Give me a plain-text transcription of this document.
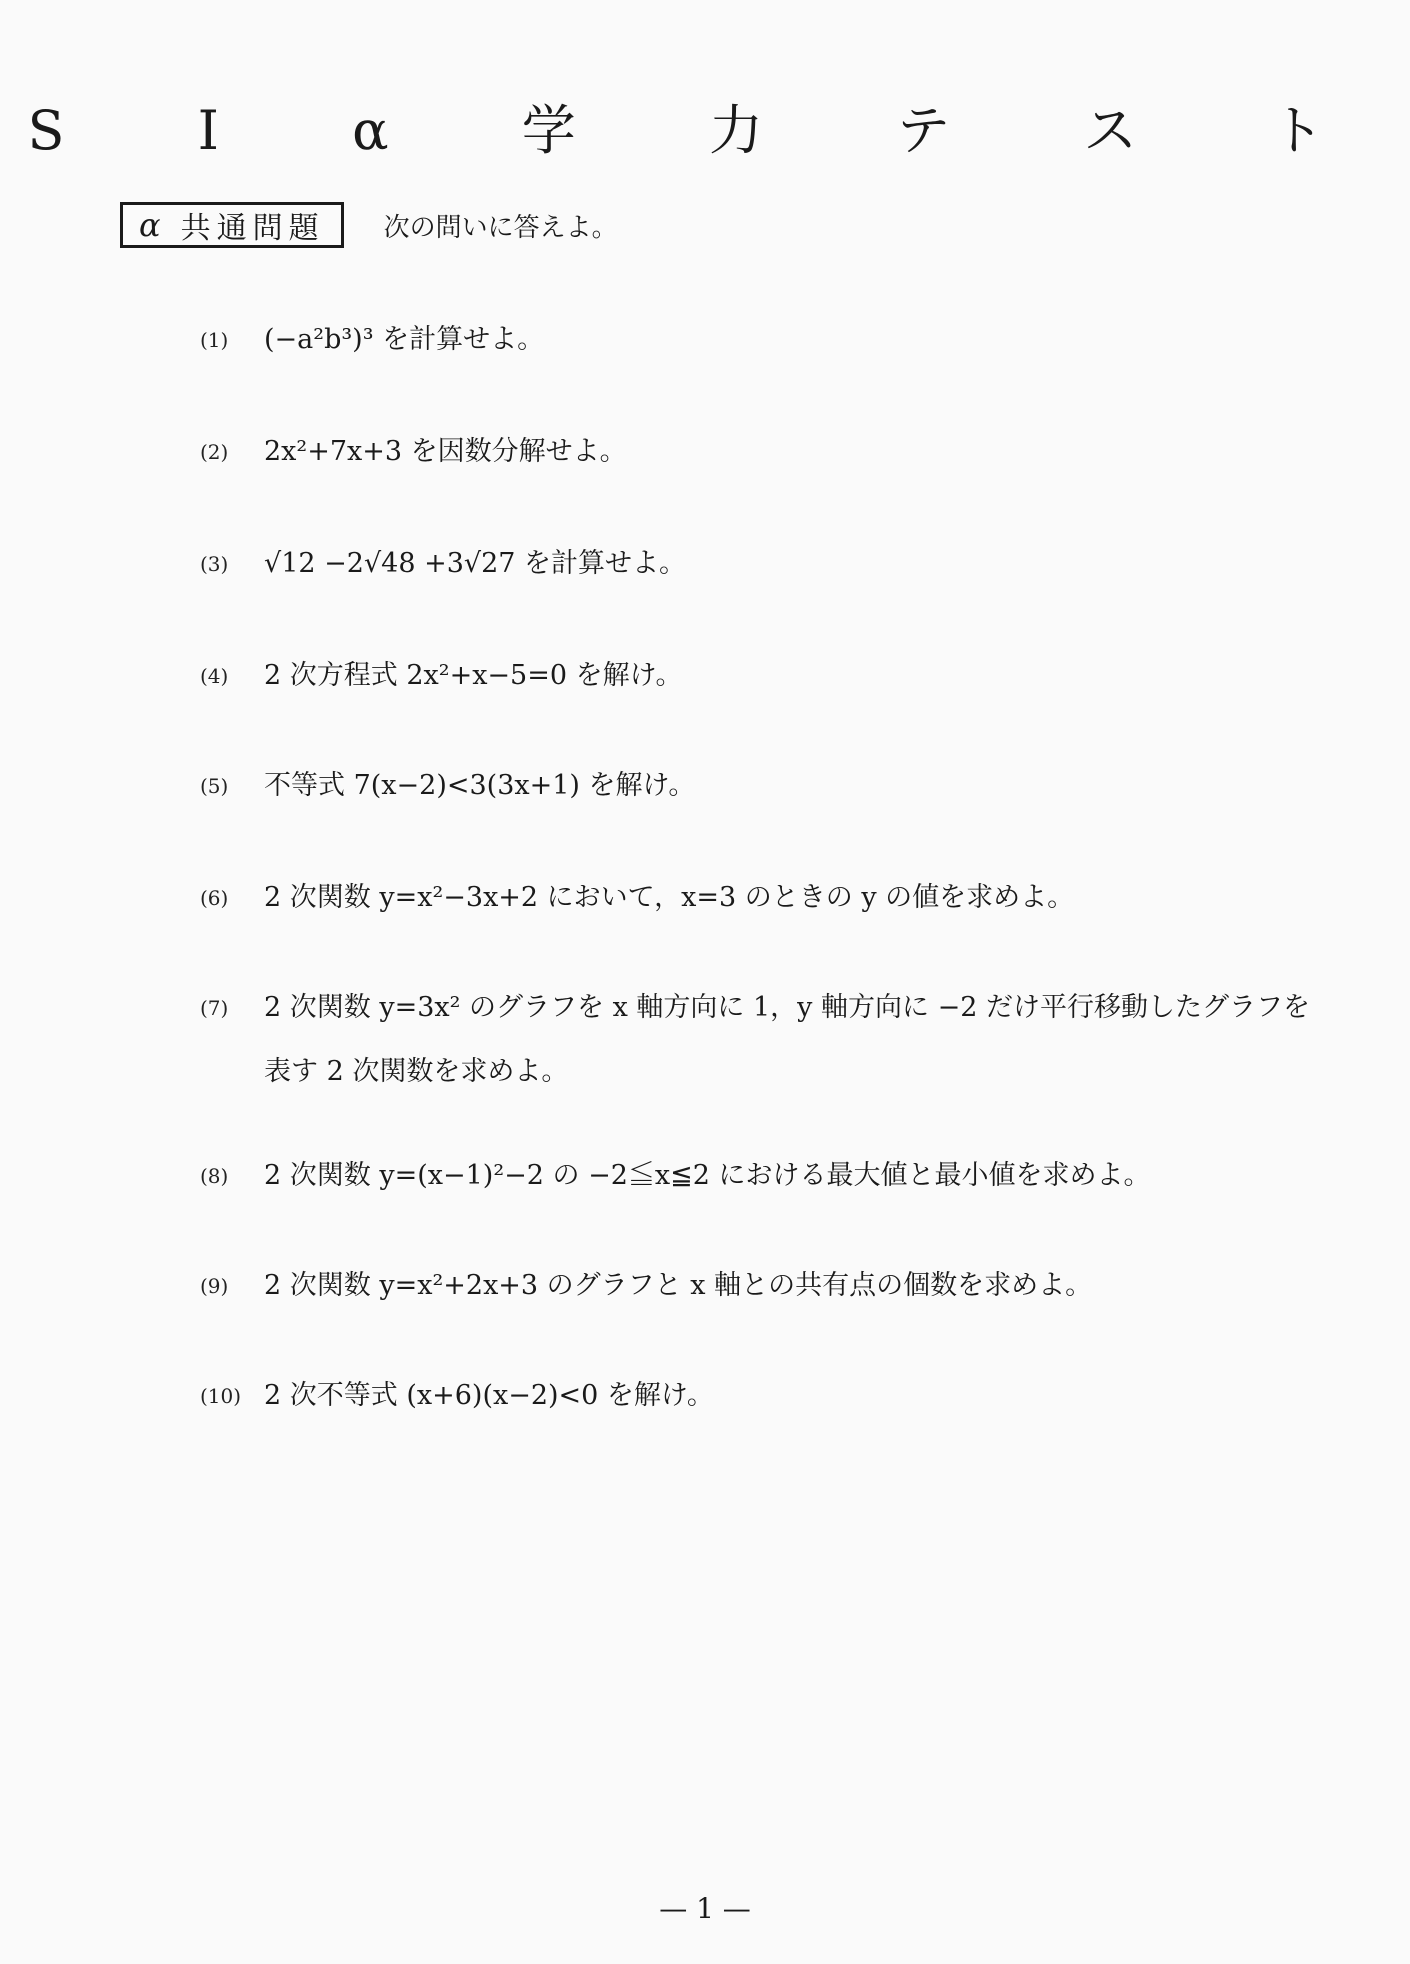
S Ⅰ α 学 力 テ ス ト
α 共通問題 次の問いに答えよ。
(1)	(−a²b³)³ を計算せよ。
(2)	2x²+7x+3 を因数分解せよ。
(3)	√12 −2√48 +3√27 を計算せよ。
(4)	2 次方程式 2x²+x−5=0 を解け。
(5)	不等式 7(x−2)<3(3x+1) を解け。
(6)	2 次関数 y=x²−3x+2 において，x=3 のときの y の値を求めよ。
(7)	2 次関数 y=3x² のグラフを x 軸方向に 1，y 軸方向に −2 だけ平行移動したグラフを表す 2 次関数を求めよ。
(8)	2 次関数 y=(x−1)²−2 の −2≦x≦2 における最大値と最小値を求めよ。
(9)	2 次関数 y=x²+2x+3 のグラフと x 軸との共有点の個数を求めよ。
(10) 2 次不等式 (x+6)(x−2)<0 を解け。
— 1 —
